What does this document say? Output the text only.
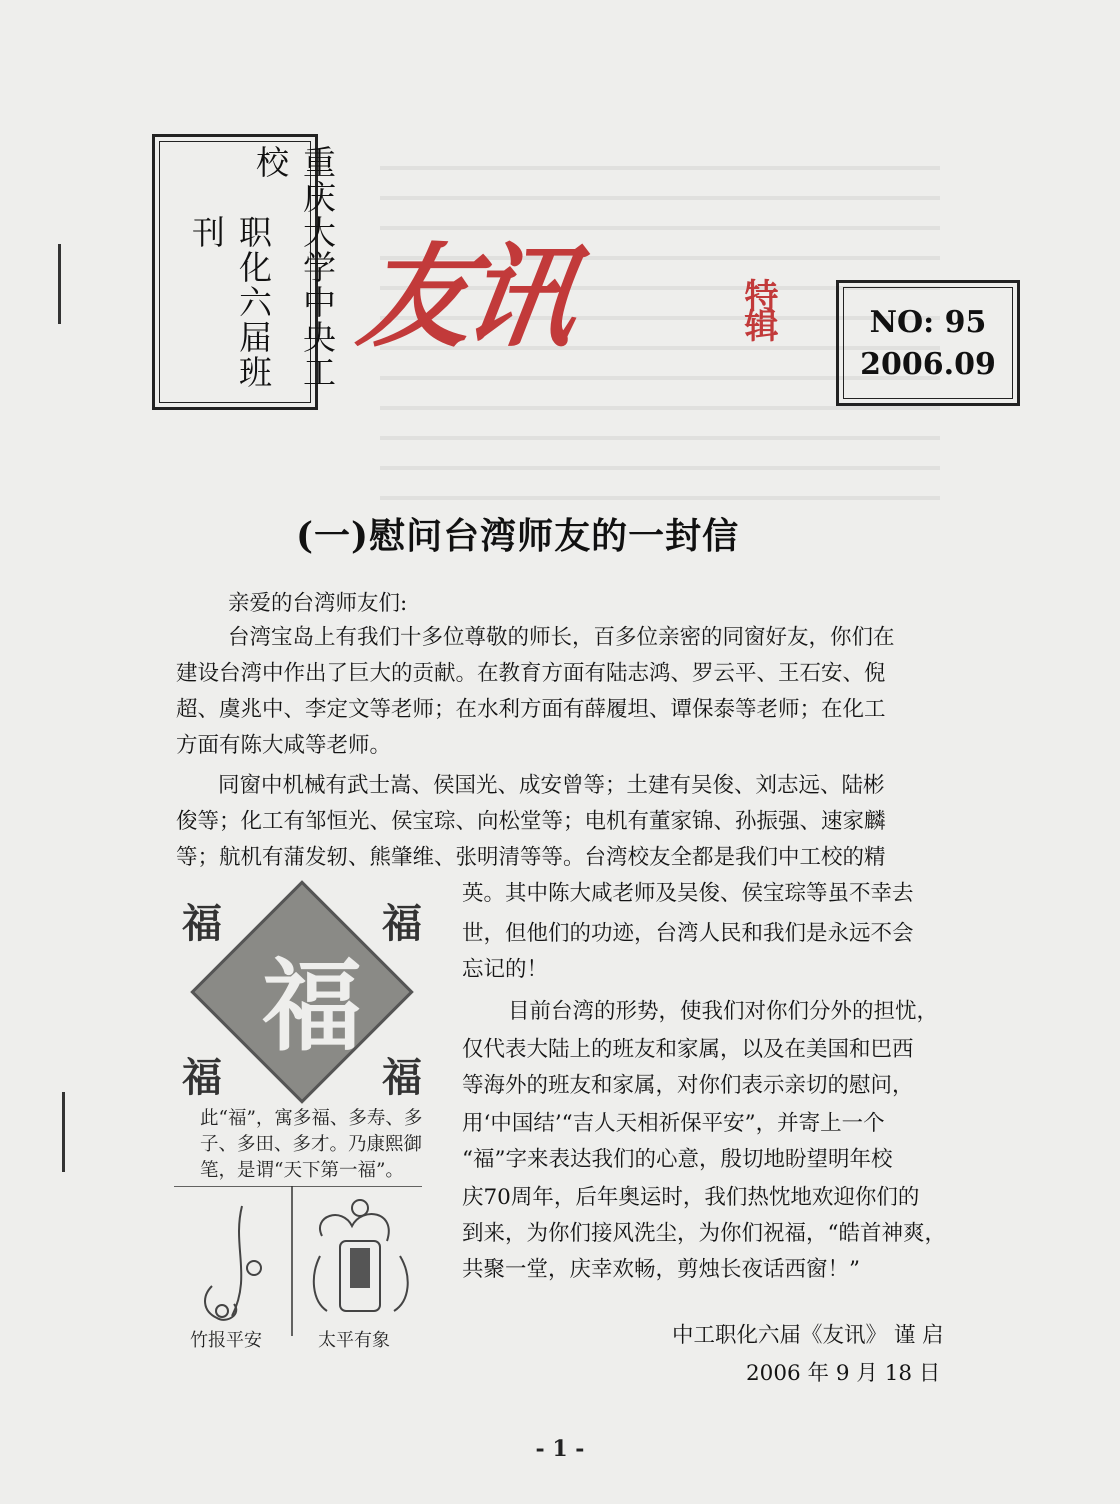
重庆大学中央工校
职化六届班刊	友讯	特辑	NO: 95
2006.09
(一)慰问台湾师友的一封信

亲爱的台湾师友们:

台湾宝岛上有我们十多位尊敬的师长，百多位亲密的同窗好友，你们在

建设台湾中作出了巨大的贡献。在教育方面有陆志鸿、罗云平、王石安、倪

超、虞兆中、李定文等老师；在水利方面有薛履坦、谭保泰等老师；在化工

方面有陈大咸等老师。

同窗中机械有武士嵩、侯国光、成安曾等；土建有吴俊、刘志远、陆彬

俊等；化工有邹恒光、侯宝琮、向松堂等；电机有董家锦、孙振强、速家麟

等；航机有蒲发轫、熊肇维、张明清等等。台湾校友全都是我们中工校的精

英。其中陈大咸老师及吴俊、侯宝琮等虽不幸去

世，但他们的功迹，台湾人民和我们是永远不会

忘记的！

目前台湾的形势，使我们对你们分外的担忧，

仅代表大陆上的班友和家属，以及在美国和巴西

等海外的班友和家属，对你们表示亲切的慰问，

用‘中国结’“吉人天相祈保平安”，并寄上一个

“福”字来表达我们的心意，殷切地盼望明年校

庆70周年，后年奥运时，我们热忱地欢迎你们的

到来，为你们接风洗尘，为你们祝福，“皓首神爽，

共聚一堂，庆幸欢畅，剪烛长夜话西窗！”

福
福	福
福	福
此“福”，寓多福、多寿、多子、多田、多才。乃康熙御笔，是谓“天下第一福”。
竹报平安	太平有象	中工职化六届《友讯》 谨 启
2006 年 9 月 18 日
- 1 -
